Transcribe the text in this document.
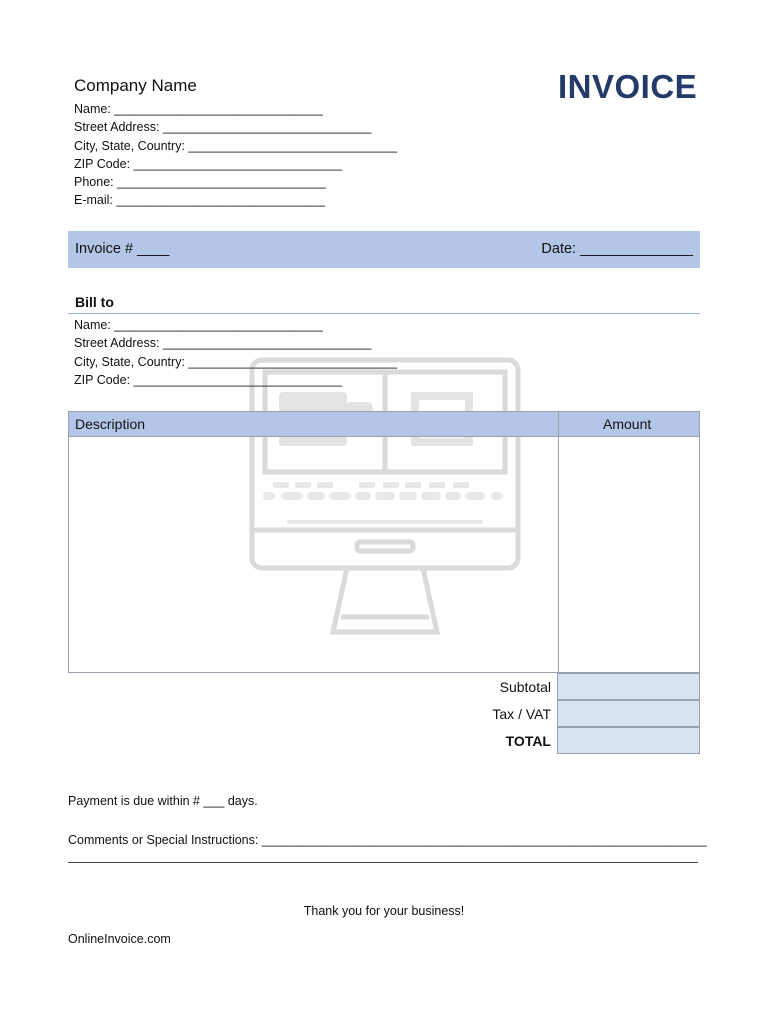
Company Name	INVOICE
Name: ______________________________
Street Address: ______________________________
City, State, Country: ______________________________
ZIP Code: ______________________________
Phone: ______________________________
E-mail: ______________________________
Invoice # ____	Date: ______________
Bill to
Name: ______________________________
Street Address: ______________________________
City, State, Country: ______________________________
ZIP Code: ______________________________
Description	Amount
Subtotal
Tax / VAT
TOTAL
Payment is due within # ___ days.
Comments or Special Instructions: ________________________________________________________________
Thank you for your business!
OnlineInvoice.com
